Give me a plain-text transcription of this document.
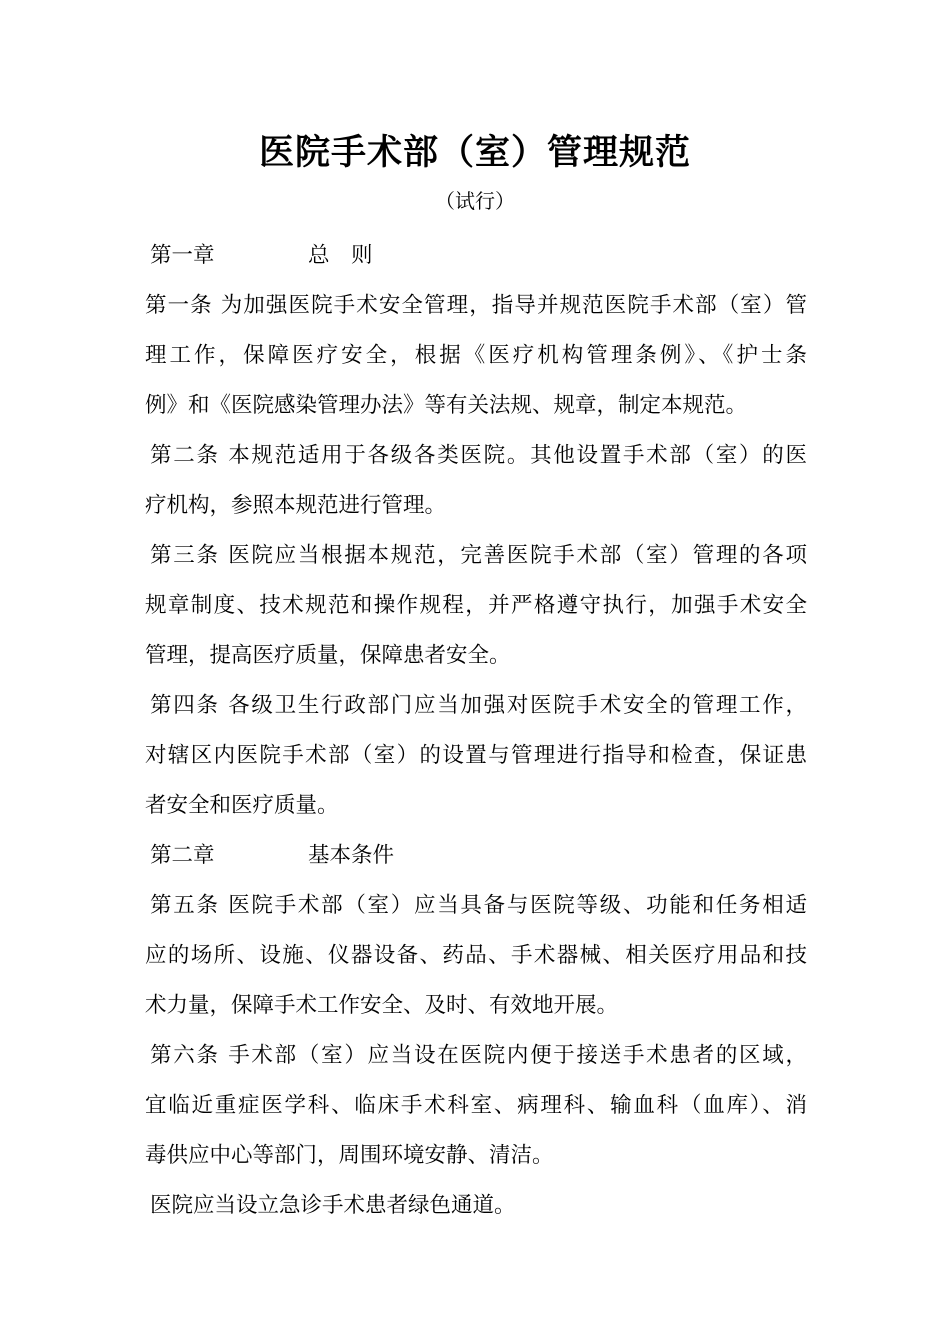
医院手术部（室）管理规范
（试行）
第一章	总　则
第一条 为加强医院手术安全管理，指导并规范医院手术部（室）管
理工作，保障医疗安全，根据《医疗机构管理条例》、《护士条
例》和《医院感染管理办法》等有关法规、规章，制定本规范。
第二条 本规范适用于各级各类医院。其他设置手术部（室）的医
疗机构，参照本规范进行管理。
第三条 医院应当根据本规范，完善医院手术部（室）管理的各项
规章制度、技术规范和操作规程，并严格遵守执行，加强手术安全
管理，提高医疗质量，保障患者安全。
第四条 各级卫生行政部门应当加强对医院手术安全的管理工作，
对辖区内医院手术部（室）的设置与管理进行指导和检查，保证患
者安全和医疗质量。
第二章	基本条件
第五条 医院手术部（室）应当具备与医院等级、功能和任务相适
应的场所、设施、仪器设备、药品、手术器械、相关医疗用品和技
术力量，保障手术工作安全、及时、有效地开展。
第六条 手术部（室）应当设在医院内便于接送手术患者的区域，
宜临近重症医学科、临床手术科室、病理科、输血科（血库）、消
毒供应中心等部门，周围环境安静、清洁。
医院应当设立急诊手术患者绿色通道。
